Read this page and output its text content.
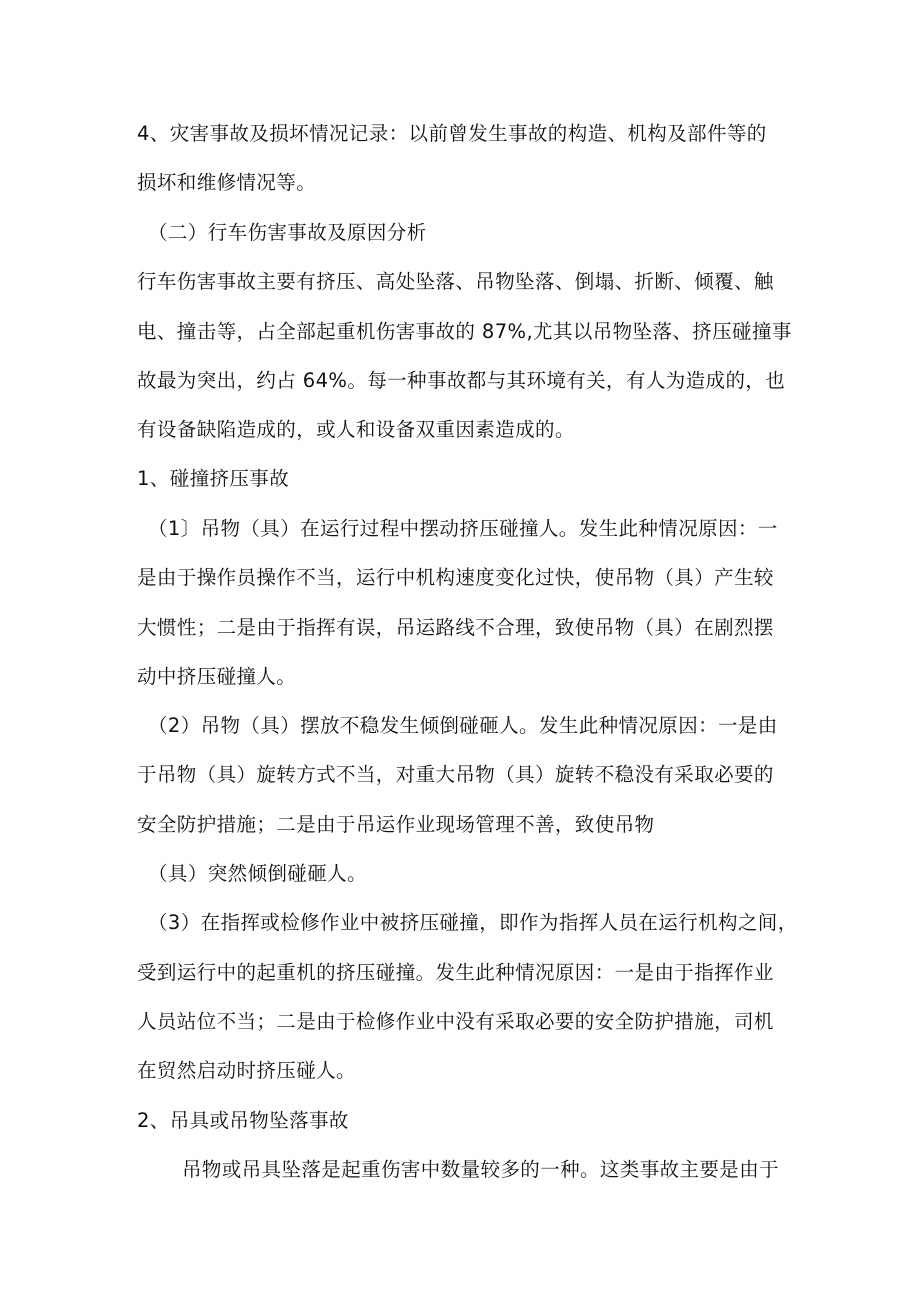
4、灾害事故及损坏情况记录：以前曾发生事故的构造、机构及部件等的
损坏和维修情况等。
（二）行车伤害事故及原因分析
行车伤害事故主要有挤压、高处坠落、吊物坠落、倒塌、折断、倾覆、触
电、撞击等，占全部起重机伤害事故的 87%,尤其以吊物坠落、挤压碰撞事
故最为突出，约占 64%。每一种事故都与其环境有关，有人为造成的，也
有设备缺陷造成的，或人和设备双重因素造成的。
1、碰撞挤压事故
（1〕吊物（具）在运行过程中摆动挤压碰撞人。发生此种情况原因：一
是由于操作员操作不当，运行中机构速度变化过快，使吊物（具）产生较
大惯性；二是由于指挥有误，吊运路线不合理，致使吊物（具）在剧烈摆
动中挤压碰撞人。
（2）吊物（具）摆放不稳发生倾倒碰砸人。发生此种情况原因：一是由
于吊物（具）旋转方式不当，对重大吊物（具）旋转不稳没有采取必要的
安全防护措施；二是由于吊运作业现场管理不善，致使吊物
（具）突然倾倒碰砸人。
（3）在指挥或检修作业中被挤压碰撞，即作为指挥人员在运行机构之间，
受到运行中的起重机的挤压碰撞。发生此种情况原因：一是由于指挥作业
人员站位不当；二是由于检修作业中没有采取必要的安全防护措施，司机
在贸然启动时挤压碰人。
2、吊具或吊物坠落事故
吊物或吊具坠落是起重伤害中数量较多的一种。这类事故主要是由于
